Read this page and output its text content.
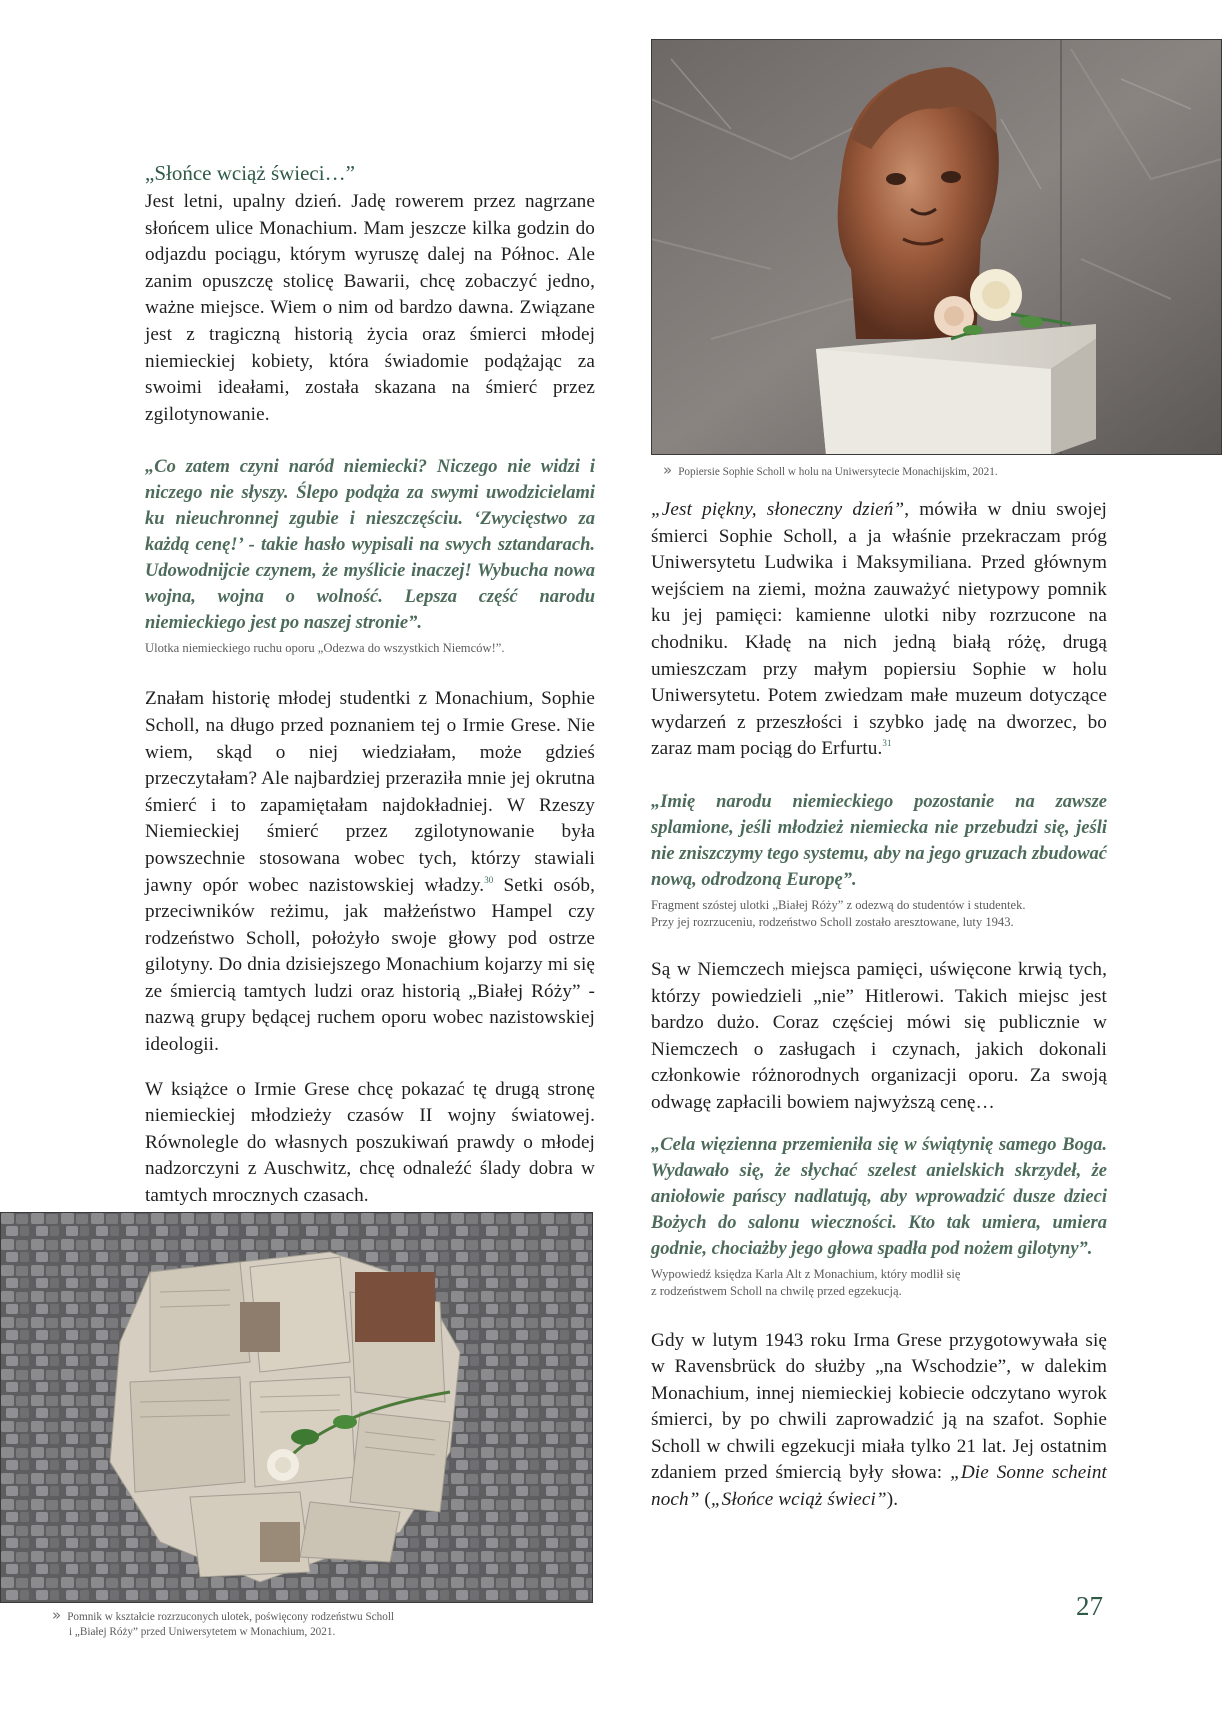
» Popiersie Sophie Scholl w holu na Uniwersytecie Monachijskim, 2021.
„Słońce wciąż świeci…”

Jest letni, upalny dzień. Jadę rowerem przez nagrzane słońcem ulice Monachium. Mam jeszcze kilka godzin do odjazdu pociągu, którym wyruszę dalej na Północ. Ale zanim opuszczę stolicę Bawarii, chcę zobaczyć jedno, ważne miejsce. Wiem o nim od bardzo dawna. Związane jest z tragiczną historią życia oraz śmierci młodej niemieckiej kobiety, która świadomie podążając za swoimi ideałami, została skazana na śmierć przez zgilotynowanie.

„Co zatem czyni naród niemiecki? Niczego nie widzi i niczego nie słyszy. Ślepo podąża za swymi uwodzicielami ku nieuchronnej zgubie i nieszczęściu. ‘Zwycięstwo za każdą cenę!’ - takie hasło wypisali na swych sztandarach. Udowodnijcie czynem, że myślicie inaczej! Wybucha nowa wojna, wojna o wolność. Lepsza część narodu niemieckiego jest po naszej stronie”.

Ulotka niemieckiego ruchu oporu „Odezwa do wszystkich Niemców!”.

Znałam historię młodej studentki z Monachium, Sophie Scholl, na długo przed poznaniem tej o Irmie Grese. Nie wiem, skąd o niej wiedziałam, może gdzieś przeczytałam? Ale najbardziej przeraziła mnie jej okrutna śmierć i to zapamiętałam najdokładniej. W Rzeszy Niemieckiej śmierć przez zgilotynowanie była powszechnie stosowana wobec tych, którzy stawiali jawny opór wobec nazistowskiej władzy.$^{30}$ Setki osób, przeciwników reżimu, jak małżeństwo Hampel czy rodzeństwo Scholl, położyło swoje głowy pod ostrze gilotyny. Do dnia dzisiejszego Monachium kojarzy mi się ze śmiercią tamtych ludzi oraz historią „Białej Róży” - nazwą grupy będącej ruchem oporu wobec nazistowskiej ideologii.

W książce o Irmie Grese chcę pokazać tę drugą stronę niemieckiej młodzieży czasów II wojny światowej. Równolegle do własnych poszukiwań prawdy o młodej nadzorczyni z Auschwitz, chcę odnaleźć ślady dobra w tamtych mrocznych czasach.

„Jest piękny, słoneczny dzień”, mówiła w dniu swojej śmierci Sophie Scholl, a ja właśnie przekraczam próg Uniwersytetu Ludwika i Maksymiliana. Przed głównym wejściem na ziemi, można zauważyć nietypowy pomnik ku jej pamięci: kamienne ulotki niby rozrzucone na chodniku. Kładę na nich jedną białą różę, drugą umieszczam przy małym popiersiu Sophie w holu Uniwersytetu. Potem zwiedzam małe muzeum dotyczące wydarzeń z przeszłości i szybko jadę na dworzec, bo zaraz mam pociąg do Erfurtu.$^{31}$

„Imię narodu niemieckiego pozostanie na zawsze splamione, jeśli młodzież niemiecka nie przebudzi się, jeśli nie zniszczymy tego systemu, aby na jego gruzach zbudować nową, odrodzoną Europę”.

Fragment szóstej ulotki „Białej Róży” z odezwą do studentów i studentek.
Przy jej rozrzuceniu, rodzeństwo Scholl zostało aresztowane, luty 1943.

Są w Niemczech miejsca pamięci, uświęcone krwią tych, którzy powiedzieli „nie” Hitlerowi. Takich miejsc jest bardzo dużo. Coraz częściej mówi się publicznie w Niemczech o zasługach i czynach, jakich dokonali członkowie różnorodnych organizacji oporu. Za swoją odwagę zapłacili bowiem najwyższą cenę…

„Cela więzienna przemieniła się w świątynię samego Boga. Wydawało się, że słychać szelest anielskich skrzydeł, że aniołowie pańscy nadlatują, aby wprowadzić dusze dzieci Bożych do salonu wieczności. Kto tak umiera, umiera godnie, chociażby jego głowa spadła pod nożem gilotyny”.

Wypowiedź księdza Karla Alt z Monachium, który modlił się
z rodzeństwem Scholl na chwilę przed egzekucją.

Gdy w lutym 1943 roku Irma Grese przygotowywała się w Ravensbrück do służby „na Wschodzie”, w dalekim Monachium, innej niemieckiej kobiecie odczytano wyrok śmierci, by po chwili zaprowadzić ją na szafot. Sophie Scholl w chwili egzekucji miała tylko 21 lat. Jej ostatnim zdaniem przed śmiercią były słowa: „Die Sonne scheint noch” („Słońce wciąż świeci”).

» Pomnik w kształcie rozrzuconych ulotek, poświęcony rodzeństwu Scholl
i „Białej Róży” przed Uniwersytetem w Monachium, 2021.
27
